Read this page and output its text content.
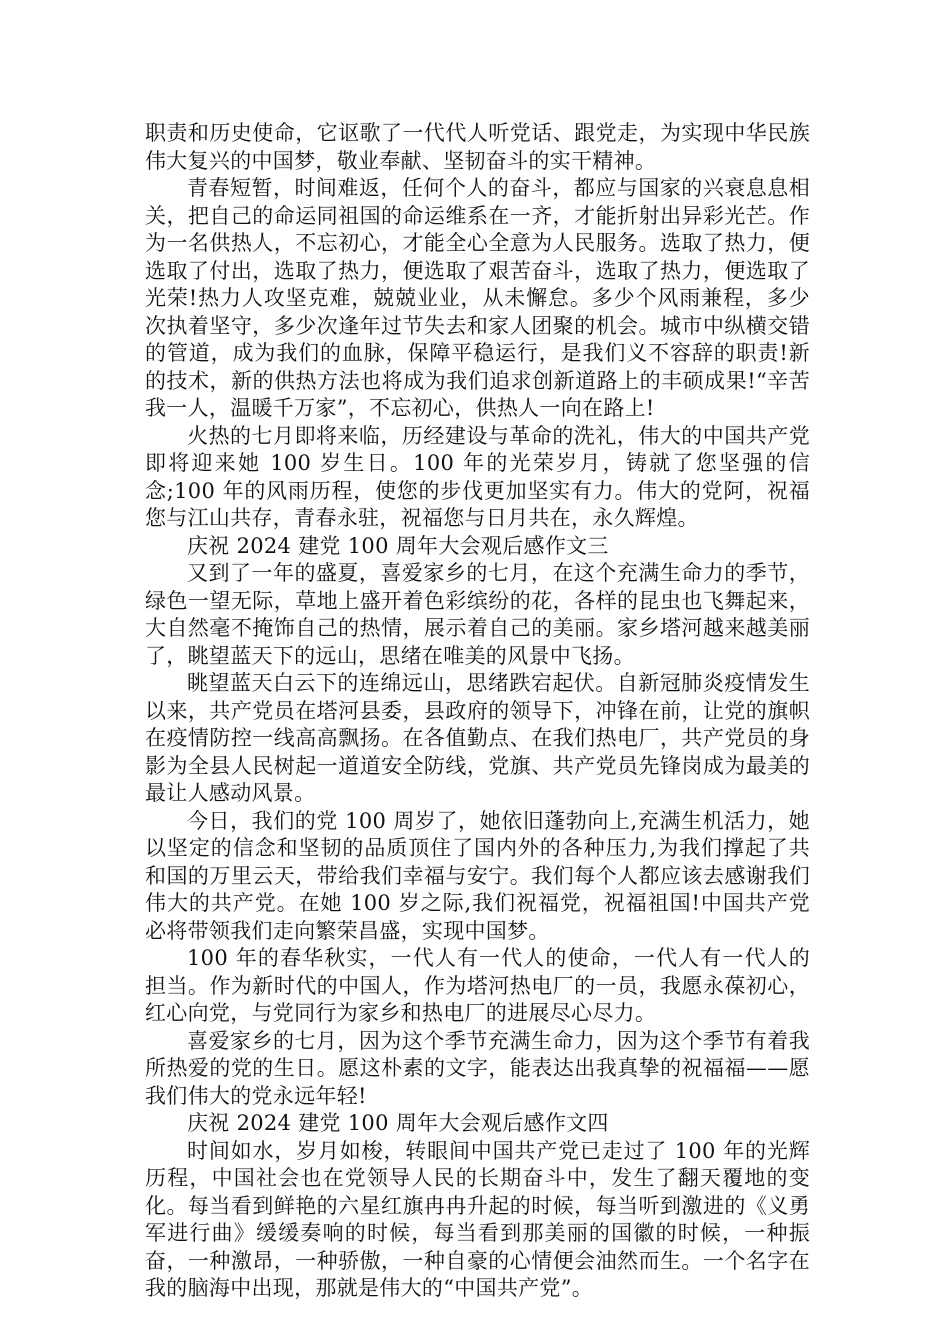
职责和历史使命，它讴歌了一代代人听党话、跟党走，为实现中华民族伟大复兴的中国梦，敬业奉献、坚韧奋斗的实干精神。

青春短暂，时间难返，任何个人的奋斗，都应与国家的兴衰息息相关，把自己的命运同祖国的命运维系在一齐，才能折射出异彩光芒。作为一名供热人，不忘初心，才能全心全意为人民服务。选取了热力，便选取了付出，选取了热力，便选取了艰苦奋斗，选取了热力，便选取了光荣!热力人攻坚克难，兢兢业业，从未懈怠。多少个风雨兼程，多少次执着坚守，多少次逢年过节失去和家人团聚的机会。城市中纵横交错的管道，成为我们的血脉，保障平稳运行，是我们义不容辞的职责!新的技术，新的供热方法也将成为我们追求创新道路上的丰硕成果!“辛苦我一人，温暖千万家”，不忘初心，供热人一向在路上!

火热的七月即将来临，历经建设与革命的洗礼，伟大的中国共产党即将迎来她 100 岁生日。100 年的光荣岁月，铸就了您坚强的信念;100 年的风雨历程，使您的步伐更加坚实有力。伟大的党阿，祝福您与江山共存，青春永驻，祝福您与日月共在，永久辉煌。

庆祝 2024 建党 100 周年大会观后感作文三

又到了一年的盛夏，喜爱家乡的七月，在这个充满生命力的季节，绿色一望无际，草地上盛开着色彩缤纷的花，各样的昆虫也飞舞起来，大自然毫不掩饰自己的热情，展示着自己的美丽。家乡塔河越来越美丽了，眺望蓝天下的远山，思绪在唯美的风景中飞扬。

眺望蓝天白云下的连绵远山，思绪跌宕起伏。自新冠肺炎疫情发生以来，共产党员在塔河县委，县政府的领导下，冲锋在前，让党的旗帜在疫情防控一线高高飘扬。在各值勤点、在我们热电厂，共产党员的身影为全县人民树起一道道安全防线，党旗、共产党员先锋岗成为最美的最让人感动风景。

今日，我们的党 100 周岁了，她依旧蓬勃向上,充满生机活力，她以坚定的信念和坚韧的品质顶住了国内外的各种压力,为我们撑起了共和国的万里云天，带给我们幸福与安宁。我们每个人都应该去感谢我们伟大的共产党。在她 100 岁之际,我们祝福党，祝福祖国!中国共产党必将带领我们走向繁荣昌盛，实现中国梦。

100 年的春华秋实，一代人有一代人的使命，一代人有一代人的担当。作为新时代的中国人，作为塔河热电厂的一员，我愿永葆初心，红心向党，与党同行为家乡和热电厂的进展尽心尽力。

喜爱家乡的七月，因为这个季节充满生命力，因为这个季节有着我所热爱的党的生日。愿这朴素的文字，能表达出我真挚的祝福福——愿我们伟大的党永远年轻!

庆祝 2024 建党 100 周年大会观后感作文四

时间如水，岁月如梭，转眼间中国共产党已走过了 100 年的光辉历程，中国社会也在党领导人民的长期奋斗中，发生了翻天覆地的变化。每当看到鲜艳的六星红旗冉冉升起的时候，每当听到激进的《义勇军进行曲》缓缓奏响的时候，每当看到那美丽的国徽的时候，一种振奋，一种激昂，一种骄傲，一种自豪的心情便会油然而生。一个名字在我的脑海中出现，那就是伟大的“中国共产党”。
